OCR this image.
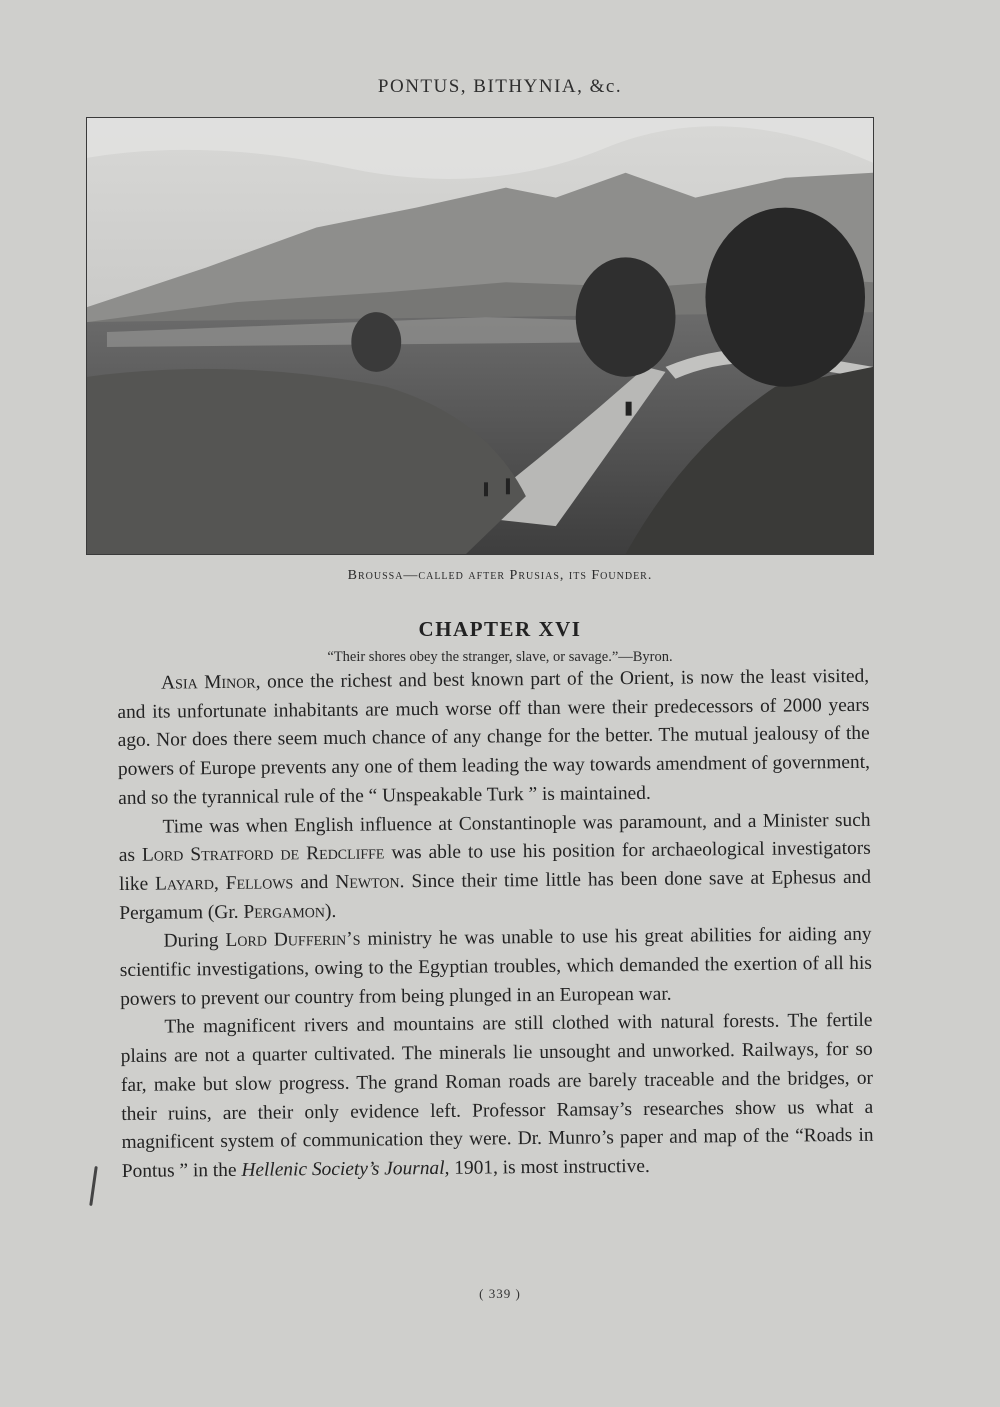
PONTUS, BITHYNIA, &c.
Broussa—called after Prusias, its Founder.
CHAPTER XVI
“Their shores obey the stranger, slave, or savage.”—Byron.

Asia Minor, once the richest and best known part of the Orient, is now the least visited, and its unfortunate inhabitants are much worse off than were their predecessors of 2000 years ago. Nor does there seem much chance of any change for the better. The mutual jealousy of the powers of Europe prevents any one of them leading the way towards amendment of government, and so the tyrannical rule of the “ Unspeakable Turk ” is maintained.

Time was when English influence at Constantinople was paramount, and a Minister such as Lord Stratford de Redcliffe was able to use his position for archaeological investigators like Layard, Fellows and Newton. Since their time little has been done save at Ephesus and Pergamum (Gr. Pergamon).

During Lord Dufferin’s ministry he was unable to use his great abilities for aiding any scientific investigations, owing to the Egyptian troubles, which demanded the exertion of all his powers to prevent our country from being plunged in an European war.

The magnificent rivers and mountains are still clothed with natural forests. The fertile plains are not a quarter cultivated. The minerals lie unsought and unworked. Railways, for so far, make but slow progress. The grand Roman roads are barely traceable and the bridges, or their ruins, are their only evidence left. Professor Ramsay’s researches show us what a magnificent system of communication they were. Dr. Munro’s paper and map of the “Roads in Pontus ” in the Hellenic Society’s Journal, 1901, is most instructive.

( 339 )
